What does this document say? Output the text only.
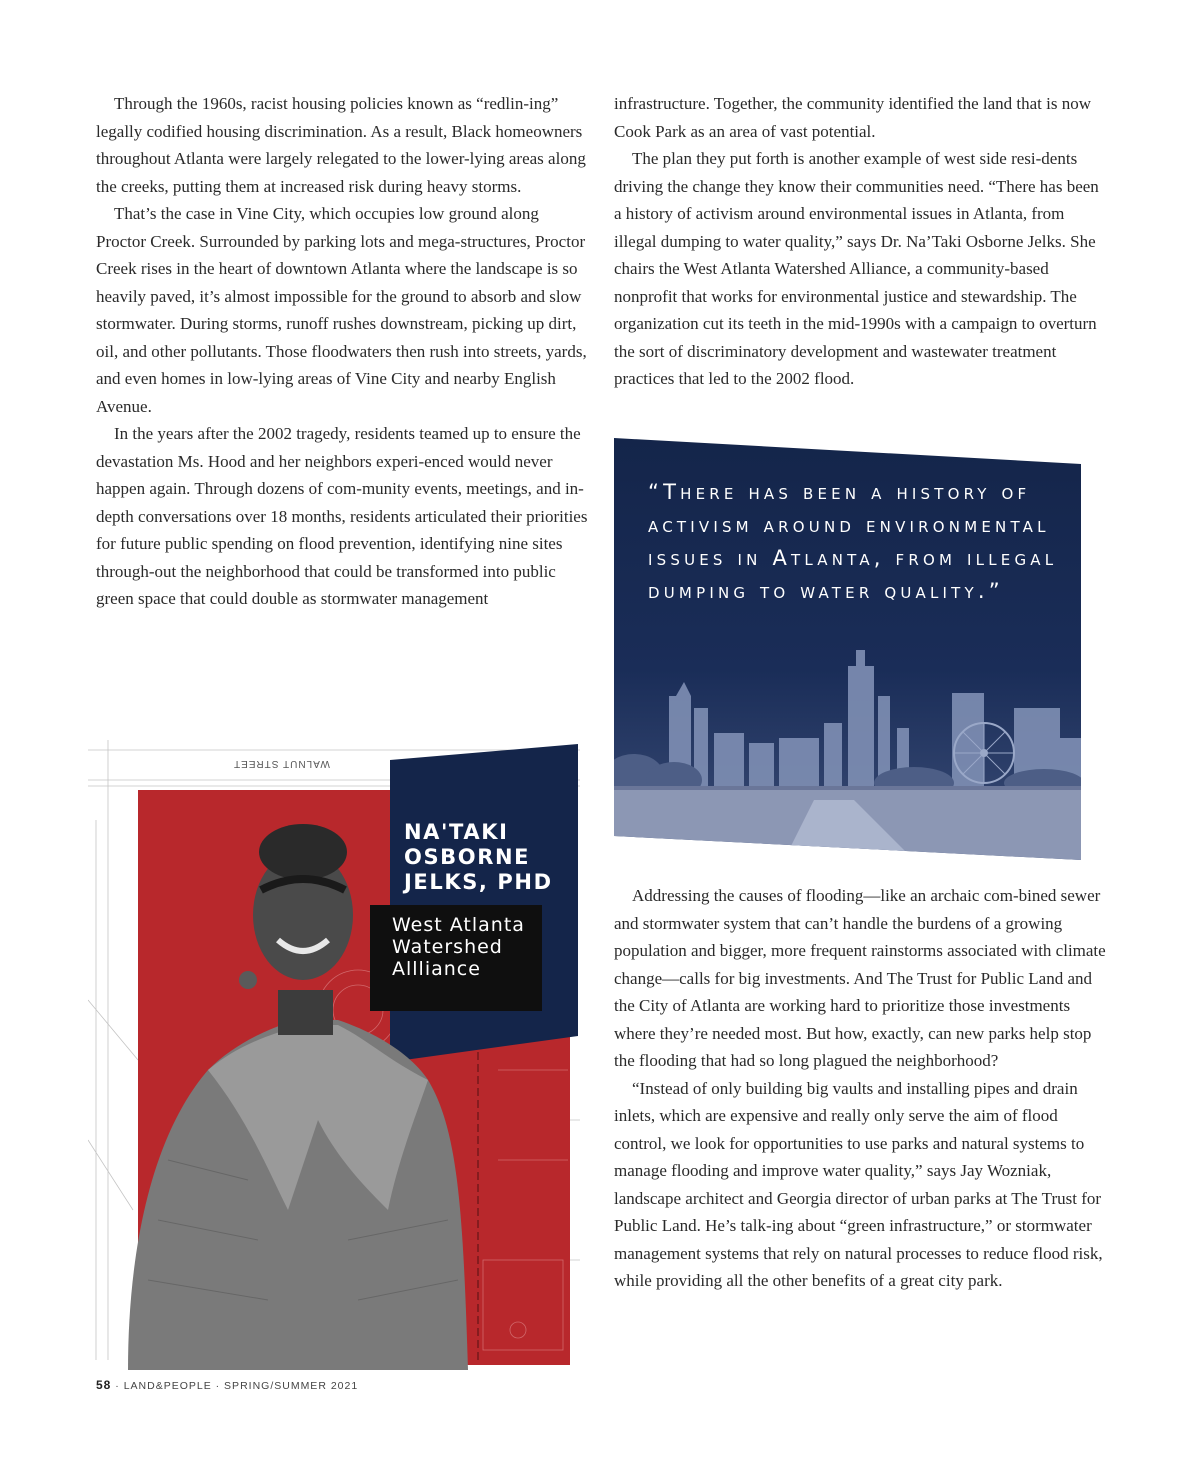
Through the 1960s, racist housing policies known as “redlin-ing” legally codified housing discrimination. As a result, Black homeowners throughout Atlanta were largely relegated to the lower-lying areas along the creeks, putting them at increased risk during heavy storms.

That’s the case in Vine City, which occupies low ground along Proctor Creek. Surrounded by parking lots and mega-structures, Proctor Creek rises in the heart of downtown Atlanta where the landscape is so heavily paved, it’s almost impossible for the ground to absorb and slow stormwater. During storms, runoff rushes downstream, picking up dirt, oil, and other pollutants. Those floodwaters then rush into streets, yards, and even homes in low-lying areas of Vine City and nearby English Avenue.

In the years after the 2002 tragedy, residents teamed up to ensure the devastation Ms. Hood and her neighbors experi-enced would never happen again. Through dozens of com-munity events, meetings, and in-depth conversations over 18 months, residents articulated their priorities for future public spending on flood prevention, identifying nine sites through-out the neighborhood that could be transformed into public green space that could double as stormwater management

infrastructure. Together, the community identified the land that is now Cook Park as an area of vast potential.

The plan they put forth is another example of west side resi-dents driving the change they know their communities need. “There has been a history of activism around environmental issues in Atlanta, from illegal dumping to water quality,” says Dr. Na’Taki Osborne Jelks. She chairs the West Atlanta Watershed Alliance, a community-based nonprofit that works for environmental justice and stewardship. The organization cut its teeth in the mid-1990s with a campaign to overturn the sort of discriminatory development and wastewater treatment practices that led to the 2002 flood.

“There has been a history of activism around environmental issues in Atlanta, from illegal dumping to water quality.”

Addressing the causes of flooding—like an archaic com-bined sewer and stormwater system that can’t handle the burdens of a growing population and bigger, more frequent rainstorms associated with climate change—calls for big investments. And The Trust for Public Land and the City of Atlanta are working hard to prioritize those investments where they’re needed most. But how, exactly, can new parks help stop the flooding that had so long plagued the neighborhood?

“Instead of only building big vaults and installing pipes and drain inlets, which are expensive and really only serve the aim of flood control, we look for opportunities to use parks and natural systems to manage flooding and improve water quality,” says Jay Wozniak, landscape architect and Georgia director of urban parks at The Trust for Public Land. He’s talk-ing about “green infrastructure,” or stormwater management systems that rely on natural processes to reduce flood risk, while providing all the other benefits of a great city park.

WALNUT STREET
NA'TAKI OSBORNE JELKS, PHD
West Atlanta Watershed Allliance
58 · LAND&PEOPLE · SPRING/SUMMER 2021
